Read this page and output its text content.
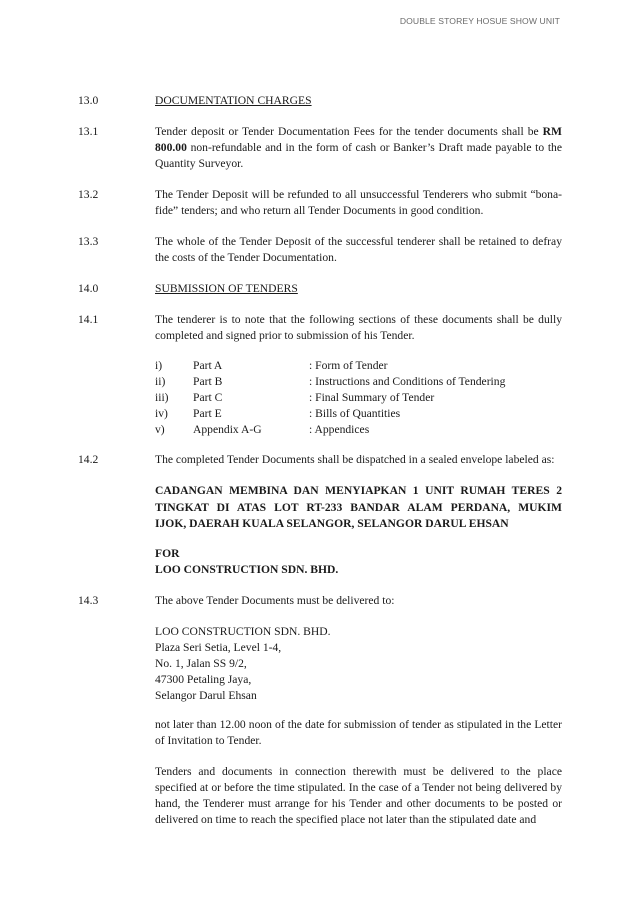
DOUBLE STOREY HOSUE SHOW UNIT
13.0	DOCUMENTATION CHARGES
13.1	Tender deposit or Tender Documentation Fees for the tender documents shall be RM 800.00 non-refundable and in the form of cash or Banker’s Draft made payable to the Quantity Surveyor.
13.2	The Tender Deposit will be refunded to all unsuccessful Tenderers who submit “bona-fide” tenders; and who return all Tender Documents in good condition.
13.3	The whole of the Tender Deposit of the successful tenderer shall be retained to defray the costs of the Tender Documentation.
14.0	SUBMISSION OF TENDERS
14.1	The tenderer is to note that the following sections of these documents shall be dully completed and signed prior to submission of his Tender.
i)	Part A	: Form of Tender
ii) Part B	: Instructions and Conditions of Tendering
iii) Part C	: Final Summary of Tender
iv) Part E	: Bills of Quantities
v) Appendix A-G	: Appendices
14.2	The completed Tender Documents shall be dispatched in a sealed envelope labeled as:
CADANGAN MEMBINA DAN MENYIAPKAN 1 UNIT RUMAH TERES 2
TINGKAT DI ATAS LOT RT-233 BANDAR ALAM PERDANA, MUKIM
IJOK, DAERAH KUALA SELANGOR, SELANGOR DARUL EHSAN
FOR
LOO CONSTRUCTION SDN. BHD.
14.3	The above Tender Documents must be delivered to:
LOO CONSTRUCTION SDN. BHD.
Plaza Seri Setia, Level 1-4,
No. 1, Jalan SS 9/2,
47300 Petaling Jaya,
Selangor Darul Ehsan
not later than 12.00 noon of the date for submission of tender as stipulated in the Letter of Invitation to Tender.
Tenders and documents in connection therewith must be delivered to the place specified at or before the time stipulated. In the case of a Tender not being delivered by hand, the Tenderer must arrange for his Tender and other documents to be posted or delivered on time to reach the specified place not later than the stipulated date and
